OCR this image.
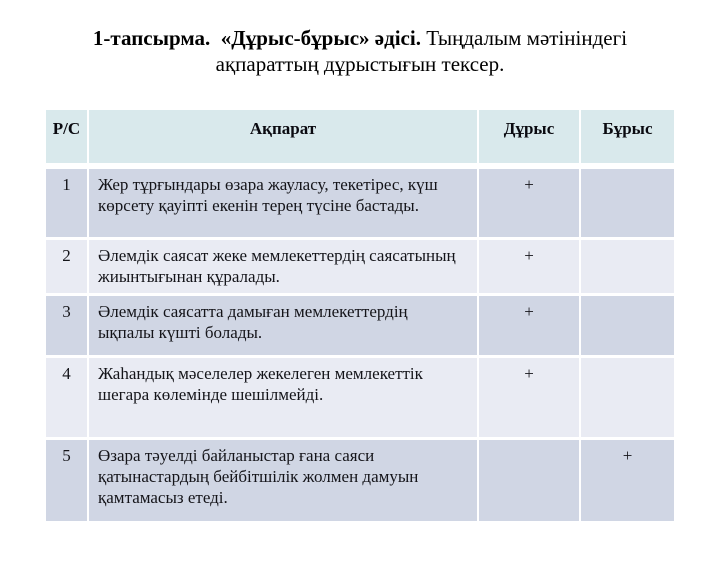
1-тапсырма.  «Дұрыс-бұрыс» әдісі. Тыңдалым мәтініндегі
ақпараттың дұрыстығын тексер.
Р/С	Ақпарат	Дұрыс	Бұрыс
1	Жер тұрғындары өзара жауласу, текетірес, күш көрсету қауіпті екенін терең түсіне бастады.	+	
2	Әлемдік саясат жеке мемлекеттердің саясатының жиынтығынан құралады.	+	
3	Әлемдік саясатта дамыған мемлекеттердің ықпалы күшті болады.	+	
4	Жаһандық мәселелер жекелеген мемлекеттік шегара көлемінде шешілмейді.	+	
5	Өзара тәуелді байланыстар ғана саяси қатынастардың бейбітшілік жолмен дамуын қамтамасыз етеді.		+
